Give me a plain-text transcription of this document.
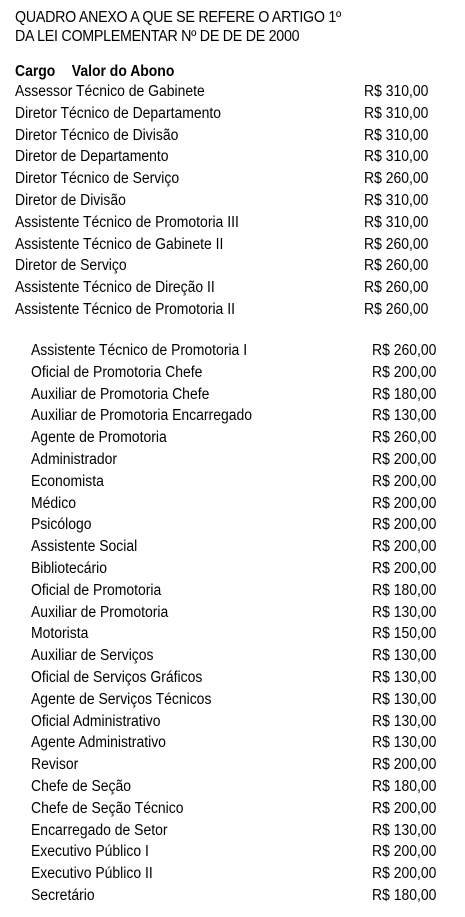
QUADRO ANEXO A QUE SE REFERE O ARTIGO 1º
DA LEI COMPLEMENTAR Nº DE DE DE 2000
Cargo Valor do Abono
Assessor Técnico de Gabinete	R$ 310,00
Diretor Técnico de Departamento	R$ 310,00
Diretor Técnico de Divisão	R$ 310,00
Diretor de Departamento	R$ 310,00
Diretor Técnico de Serviço	R$ 260,00
Diretor de Divisão	R$ 310,00
Assistente Técnico de Promotoria III	R$ 310,00
Assistente Técnico de Gabinete II	R$ 260,00
Diretor de Serviço	R$ 260,00
Assistente Técnico de Direção II	R$ 260,00
Assistente Técnico de Promotoria II	R$ 260,00
Assistente Técnico de Promotoria I	R$ 260,00
Oficial de Promotoria Chefe	R$ 200,00
Auxiliar de Promotoria Chefe	R$ 180,00
Auxiliar de Promotoria Encarregado	R$ 130,00
Agente de Promotoria	R$ 260,00
Administrador	R$ 200,00
Economista	R$ 200,00
Médico	R$ 200,00
Psicólogo	R$ 200,00
Assistente Social	R$ 200,00
Bibliotecário	R$ 200,00
Oficial de Promotoria	R$ 180,00
Auxiliar de Promotoria	R$ 130,00
Motorista	R$ 150,00
Auxiliar de Serviços	R$ 130,00
Oficial de Serviços Gráficos	R$ 130,00
Agente de Serviços Técnicos	R$ 130,00
Oficial Administrativo	R$ 130,00
Agente Administrativo	R$ 130,00
Revisor	R$ 200,00
Chefe de Seção	R$ 180,00
Chefe de Seção Técnico	R$ 200,00
Encarregado de Setor	R$ 130,00
Executivo Público I	R$ 200,00
Executivo Público II	R$ 200,00
Secretário	R$ 180,00
